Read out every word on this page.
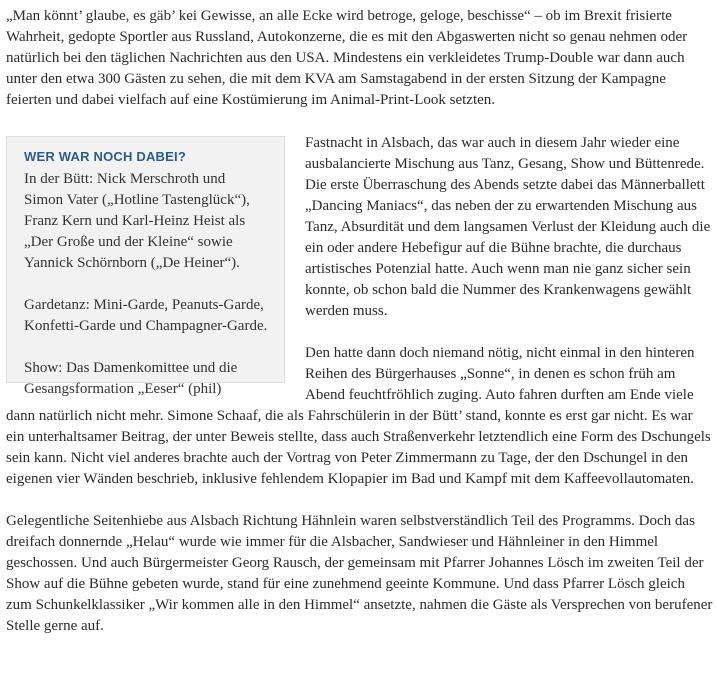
„Man könnt’ glaube, es gäb’ kei Gewisse, an alle Ecke wird betroge, geloge, beschisse“ – ob im Brexit frisierte Wahrheit, gedopte Sportler aus Russland, Autokonzerne, die es mit den Abgaswerten nicht so genau nehmen oder natürlich bei den täglichen Nachrichten aus den USA. Mindestens ein verkleidetes Trump-Double war dann auch unter den etwa 300 Gästen zu sehen, die mit dem KVA am Samstagabend in der ersten Sitzung der Kampagne feierten und dabei vielfach auf eine Kostümierung im Animal-Print-Look setzten.

WER WAR NOCH DABEI?

In der Bütt: Nick Merschroth und Simon Vater („Hotline Tastenglück“), Franz Kern und Karl-Heinz Heist als „Der Große und der Kleine“ sowie Yannick Schörnborn („De Heiner“).

Gardetanz: Mini-Garde, Peanuts-Garde, Konfetti-Garde und Champagner-Garde.

Show: Das Damenkomittee und die Gesangsformation „Eeser“ (phil)

Fastnacht in Alsbach, das war auch in diesem Jahr wieder eine ausbalancierte Mischung aus Tanz, Gesang, Show und Büttenrede. Die erste Überraschung des Abends setzte dabei das Männerballett „Dancing Maniacs“, das neben der zu erwartenden Mischung aus Tanz, Absurdität und dem langsamen Verlust der Kleidung auch die ein oder andere Hebefigur auf die Bühne brachte, die durchaus artistisches Potenzial hatte. Auch wenn man nie ganz sicher sein konnte, ob schon bald die Nummer des Krankenwagens gewählt werden muss.

Den hatte dann doch niemand nötig, nicht einmal in den hinteren Reihen des Bürgerhauses „Sonne“, in denen es schon früh am Abend feuchtfröhlich zuging. Auto fahren durften am Ende viele dann natürlich nicht mehr. Simone Schaaf, die als Fahrschülerin in der Bütt’ stand, konnte es erst gar nicht. Es war ein unterhaltsamer Beitrag, der unter Beweis stellte, dass auch Straßenverkehr letztendlich eine Form des Dschungels sein kann. Nicht viel anderes brachte auch der Vortrag von Peter Zimmermann zu Tage, der den Dschungel in den eigenen vier Wänden beschrieb, inklusive fehlendem Klopapier im Bad und Kampf mit dem Kaffeevollautomaten.

Gelegentliche Seitenhiebe aus Alsbach Richtung Hähnlein waren selbstverständlich Teil des Programms. Doch das dreifach donnernde „Helau“ wurde wie immer für die Alsbacher, Sandwieser und Hähnleiner in den Himmel geschossen. Und auch Bürgermeister Georg Rausch, der gemeinsam mit Pfarrer Johannes Lösch im zweiten Teil der Show auf die Bühne gebeten wurde, stand für eine zunehmend geeinte Kommune. Und dass Pfarrer Lösch gleich zum Schunkelklassiker „Wir kommen alle in den Himmel“ ansetzte, nahmen die Gäste als Versprechen von berufener Stelle gerne auf.
